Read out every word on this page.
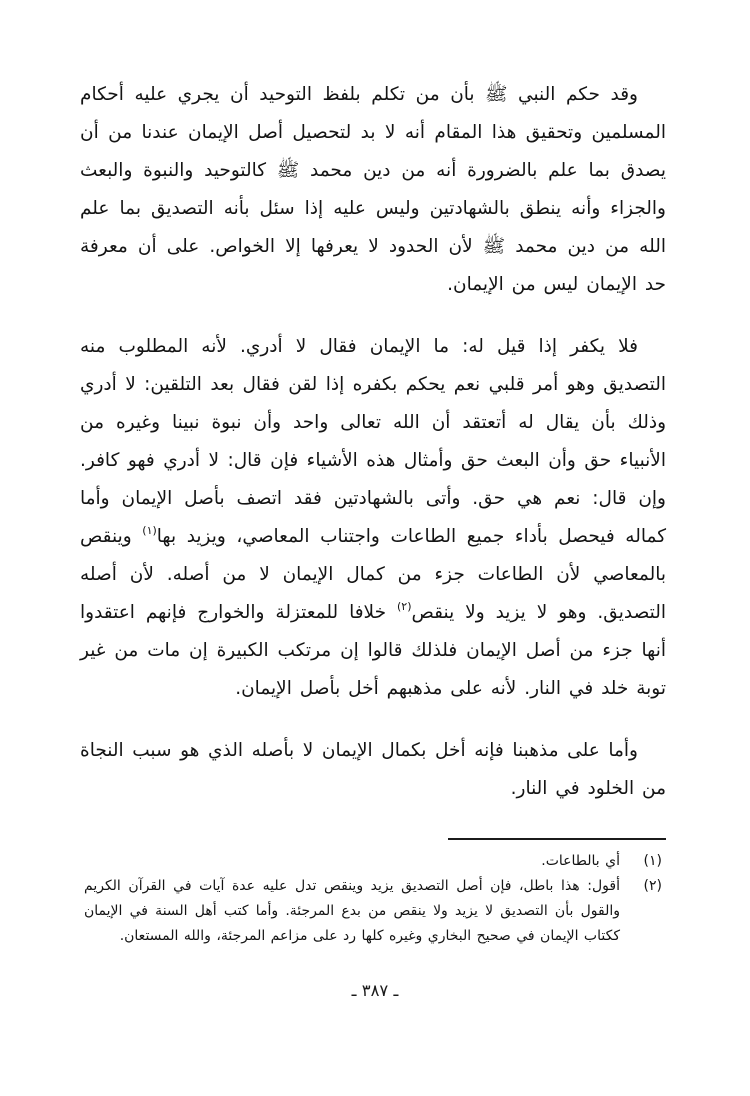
وقد حكم النبي ﷺ بأن من تكلم بلفظ التوحيد أن يجري عليه أحكام المسلمين وتحقيق هذا المقام أنه لا بد لتحصيل أصل الإيمان عندنا من أن يصدق بما علم بالضرورة أنه من دين محمد ﷺ كالتوحيد والنبوة والبعث والجزاء وأنه ينطق بالشهادتين وليس عليه إذا سئل بأنه التصديق بما علم الله من دين محمد ﷺ لأن الحدود لا يعرفها إلا الخواص. على أن معرفة حد الإيمان ليس من الإيمان.

فلا يكفر إذا قيل له: ما الإيمان فقال لا أدري. لأنه المطلوب منه التصديق وهو أمر قلبي نعم يحكم بكفره إذا لقن فقال بعد التلقين: لا أدري وذلك بأن يقال له أتعتقد أن الله تعالى واحد وأن نبوة نبينا وغيره من الأنبياء حق وأن البعث حق وأمثال هذه الأشياء فإن قال: لا أدري فهو كافر. وإن قال: نعم هي حق. وأتى بالشهادتين فقد اتصف بأصل الإيمان وأما كماله فيحصل بأداء جميع الطاعات واجتناب المعاصي، ويزيد بها$^{(١)}$ وينقص بالمعاصي لأن الطاعات جزء من كمال الإيمان لا من أصله. لأن أصله التصديق. وهو لا يزيد ولا ينقص$^{(٢)}$ خلافا للمعتزلة والخوارج فإنهم اعتقدوا أنها جزء من أصل الإيمان فلذلك قالوا إن مرتكب الكبيرة إن مات من غير توبة خلد في النار. لأنه على مذهبهم أخل بأصل الإيمان.

وأما على مذهبنا فإنه أخل بكمال الإيمان لا بأصله الذي هو سبب النجاة من الخلود في النار.

(١)
أي بالطاعات.
(٢)
أقول: هذا باطل، فإن أصل التصديق يزيد وينقص تدل عليه عدة آيات في القرآن الكريم والقول بأن التصديق لا يزيد ولا ينقص من بدع المرجئة. وأما كتب أهل السنة في الإيمان ككتاب الإيمان في صحيح البخاري وغيره كلها رد على مزاعم المرجئة، والله المستعان.
ـ ٣٨٧ ـ
